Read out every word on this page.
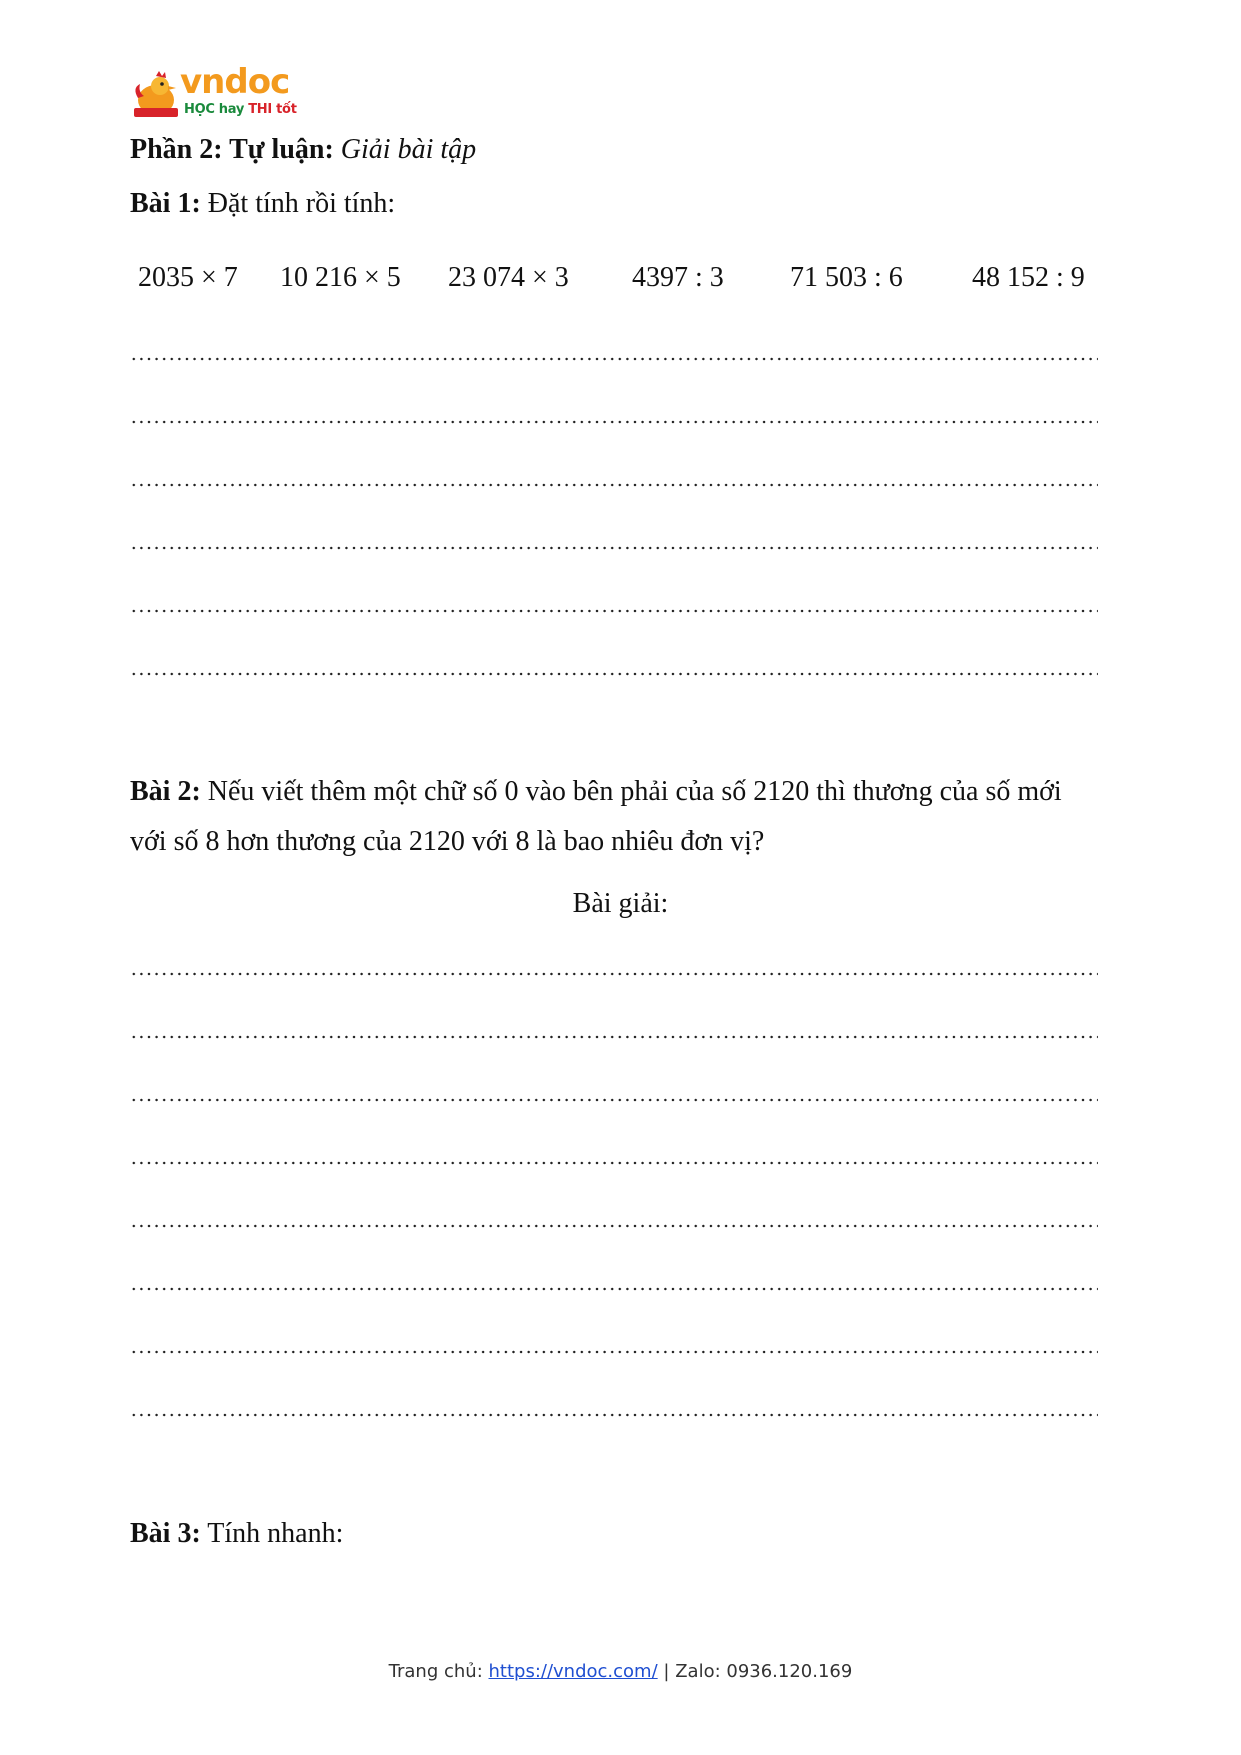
vndoc
HỌC hay THI tốt
Phần 2: Tự luận: Giải bài tập
Bài 1: Đặt tính rồi tính:
2035 × 7 10 216 × 5 23 074 × 3 4397 : 3 71 503 : 6 48 152 : 9
Bài 2: Nếu viết thêm một chữ số 0 vào bên phải của số 2120 thì thương của số mới
với số 8 hơn thương của 2120 với 8 là bao nhiêu đơn vị?
Bài giải:
Bài 3: Tính nhanh:
Trang chủ: https://vndoc.com/ | Zalo: 0936.120.169
